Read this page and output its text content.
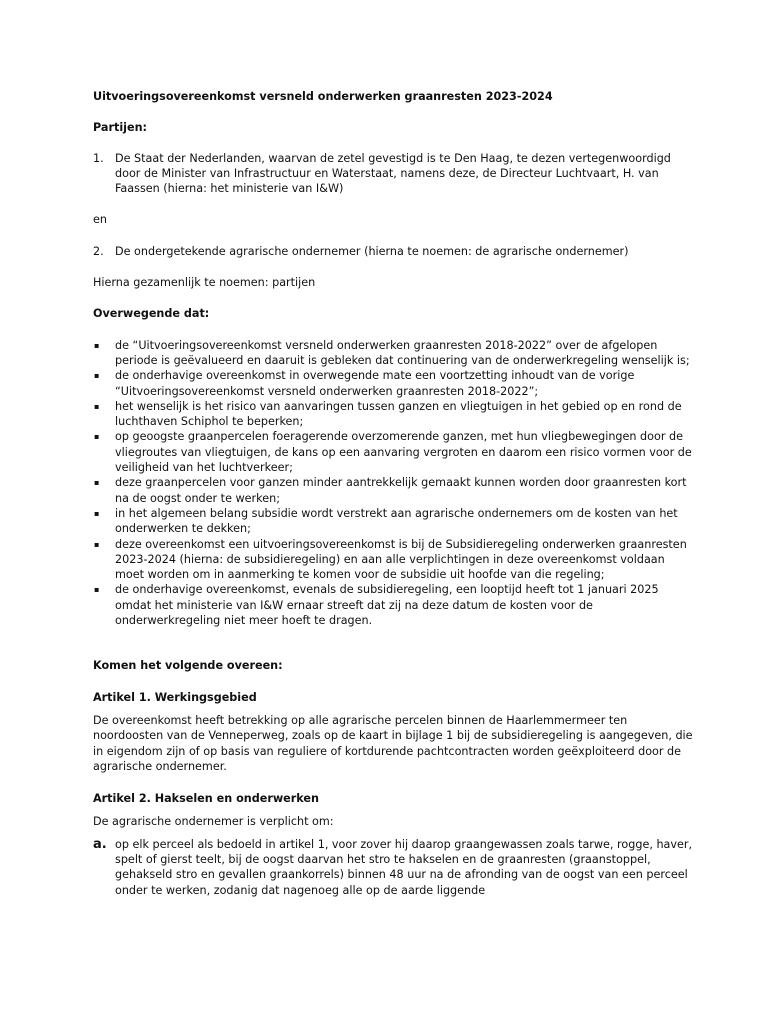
Uitvoeringsovereenkomst versneld onderwerken graanresten 2023-2024

Partijen:

1.	De Staat der Nederlanden, waarvan de zetel gevestigd is te Den Haag, te dezen vertegenwoordigd door de Minister van Infrastructuur en Waterstaat, namens deze, de Directeur Luchtvaart, H. van Faassen (hierna: het ministerie van I&W)

en

2.	De ondergetekende agrarische ondernemer (hierna te noemen: de agrarische ondernemer)

Hierna gezamenlijk te noemen: partijen

Overwegende dat:

▪	de “Uitvoeringsovereenkomst versneld onderwerken graanresten 2018-2022” over de afgelopen periode is geëvalueerd en daaruit is gebleken dat continuering van de onderwerkregeling wenselijk is;
▪	de onderhavige overeenkomst in overwegende mate een voortzetting inhoudt van de vorige “Uitvoeringsovereenkomst versneld onderwerken graanresten 2018-2022”;
▪	het wenselijk is het risico van aanvaringen tussen ganzen en vliegtuigen in het gebied op en rond de luchthaven Schiphol te beperken;
▪	op geoogste graanpercelen foeragerende overzomerende ganzen, met hun vliegbewegingen door de vliegroutes van vliegtuigen, de kans op een aanvaring vergroten en daarom een risico vormen voor de veiligheid van het luchtverkeer;
▪	deze graanpercelen voor ganzen minder aantrekkelijk gemaakt kunnen worden door graanresten kort na de oogst onder te werken;
▪	in het algemeen belang subsidie wordt verstrekt aan agrarische ondernemers om de kosten van het onderwerken te dekken;
▪	deze overeenkomst een uitvoeringsovereenkomst is bij de Subsidieregeling onderwerken graanresten 2023-2024 (hierna: de subsidieregeling) en aan alle verplichtingen in deze overeenkomst voldaan moet worden om in aanmerking te komen voor de subsidie uit hoofde van die regeling;
▪	de onderhavige overeenkomst, evenals de subsidieregeling, een looptijd heeft tot 1 januari 2025 omdat het ministerie van I&W ernaar streeft dat zij na deze datum de kosten voor de onderwerkregeling niet meer hoeft te dragen.

Komen het volgende overeen:

Artikel 1. Werkingsgebied

De overeenkomst heeft betrekking op alle agrarische percelen binnen de Haarlemmermeer ten noordoosten van de Venneperweg, zoals op de kaart in bijlage 1 bij de subsidieregeling is aangegeven, die in eigendom zijn of op basis van reguliere of kortdurende pachtcontracten worden geëxploiteerd door de agrarische ondernemer.

Artikel 2. Hakselen en onderwerken

De agrarische ondernemer is verplicht om:

a. op elk perceel als bedoeld in artikel 1, voor zover hij daarop graangewassen zoals tarwe, rogge, haver, spelt of gierst teelt, bij de oogst daarvan het stro te hakselen en de graanresten (graanstoppel, gehakseld stro en gevallen graankorrels) binnen 48 uur na de afronding van de oogst van een perceel onder te werken, zodanig dat nagenoeg alle op de aarde liggende
